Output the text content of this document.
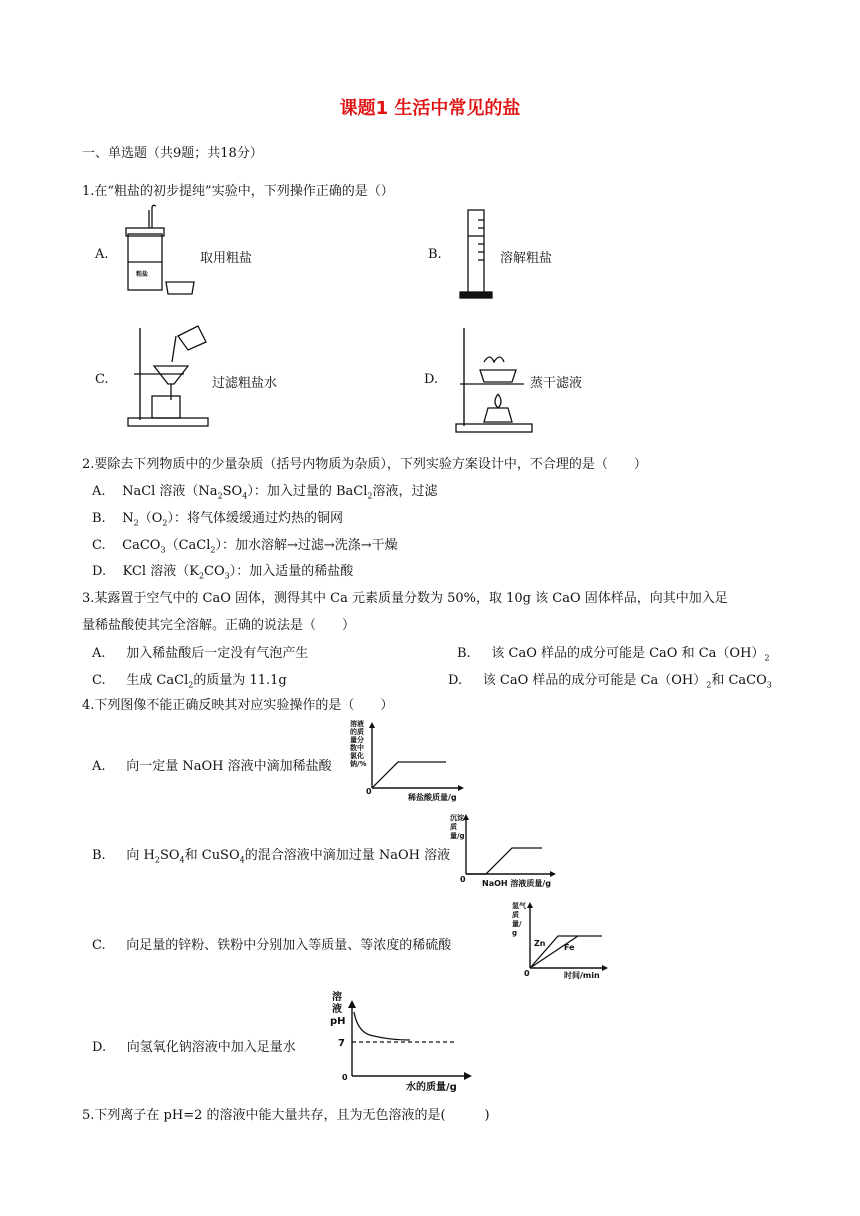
课题1 生活中常见的盐
一、单选题（共9题；共18分）
1.在“粗盐的初步提纯”实验中，下列操作正确的是（）
A.
粗盐
取用粗盐	B.	溶解粗盐
C.	过滤粗盐水	D.	蒸干滤液
2.要除去下列物质中的少量杂质（括号内物质为杂质），下列实验方案设计中，不合理的是（　　）
A. NaCl 溶液$(Na_2SO_4)$：加入过量的 BaCl$_2$溶液，过滤
B. $N_2(O_2)$：将气体缓缓通过灼热的铜网
C. CaCO$_3$（CaCl$_2$）：加水溶解→过滤→洗涤→干燥
D. KCl 溶液$(K_2CO_3)$：加入适量的稀盐酸
3.某露置于空气中的 CaO 固体，测得其中 Ca 元素质量分数为 50%，取 10g 该 CaO 固体样品，向其中加入足
量稀盐酸使其完全溶解。正确的说法是（　　）
A. 加入稀盐酸后一定没有气泡产生	B. 该 CaO 样品的成分可能是 CaO 和 $Ca(OH)_2$
C. 生成 CaCl$_2$的质量为 11.1g	D. 该 CaO 样品的成分可能是 $Ca(OH)_2$和 CaCO$_3$
4.下列图像不能正确反映其对应实验操作的是（　　）
A. 向一定量 NaOH 溶液中滴加稀盐酸
溶液的质量分数中氯化钠/%
0
稀盐酸质量/g
B. 向 $H_2SO_4$和 CuSO$_4$的混合溶液中滴加过量 NaOH 溶液
沉淀质量/g
0 NaOH 溶液质量/g
C. 向足量的锌粉、铁粉中分别加入等质量、等浓度的稀硫酸
氢气质量/g
Zn Fe
0	时间/min
D. 向氢氧化钠溶液中加入足量水
溶
液
pH
7
0
水的质量/g
5.下列离子在 pH=2 的溶液中能大量共存，且为无色溶液的是(　　　)
